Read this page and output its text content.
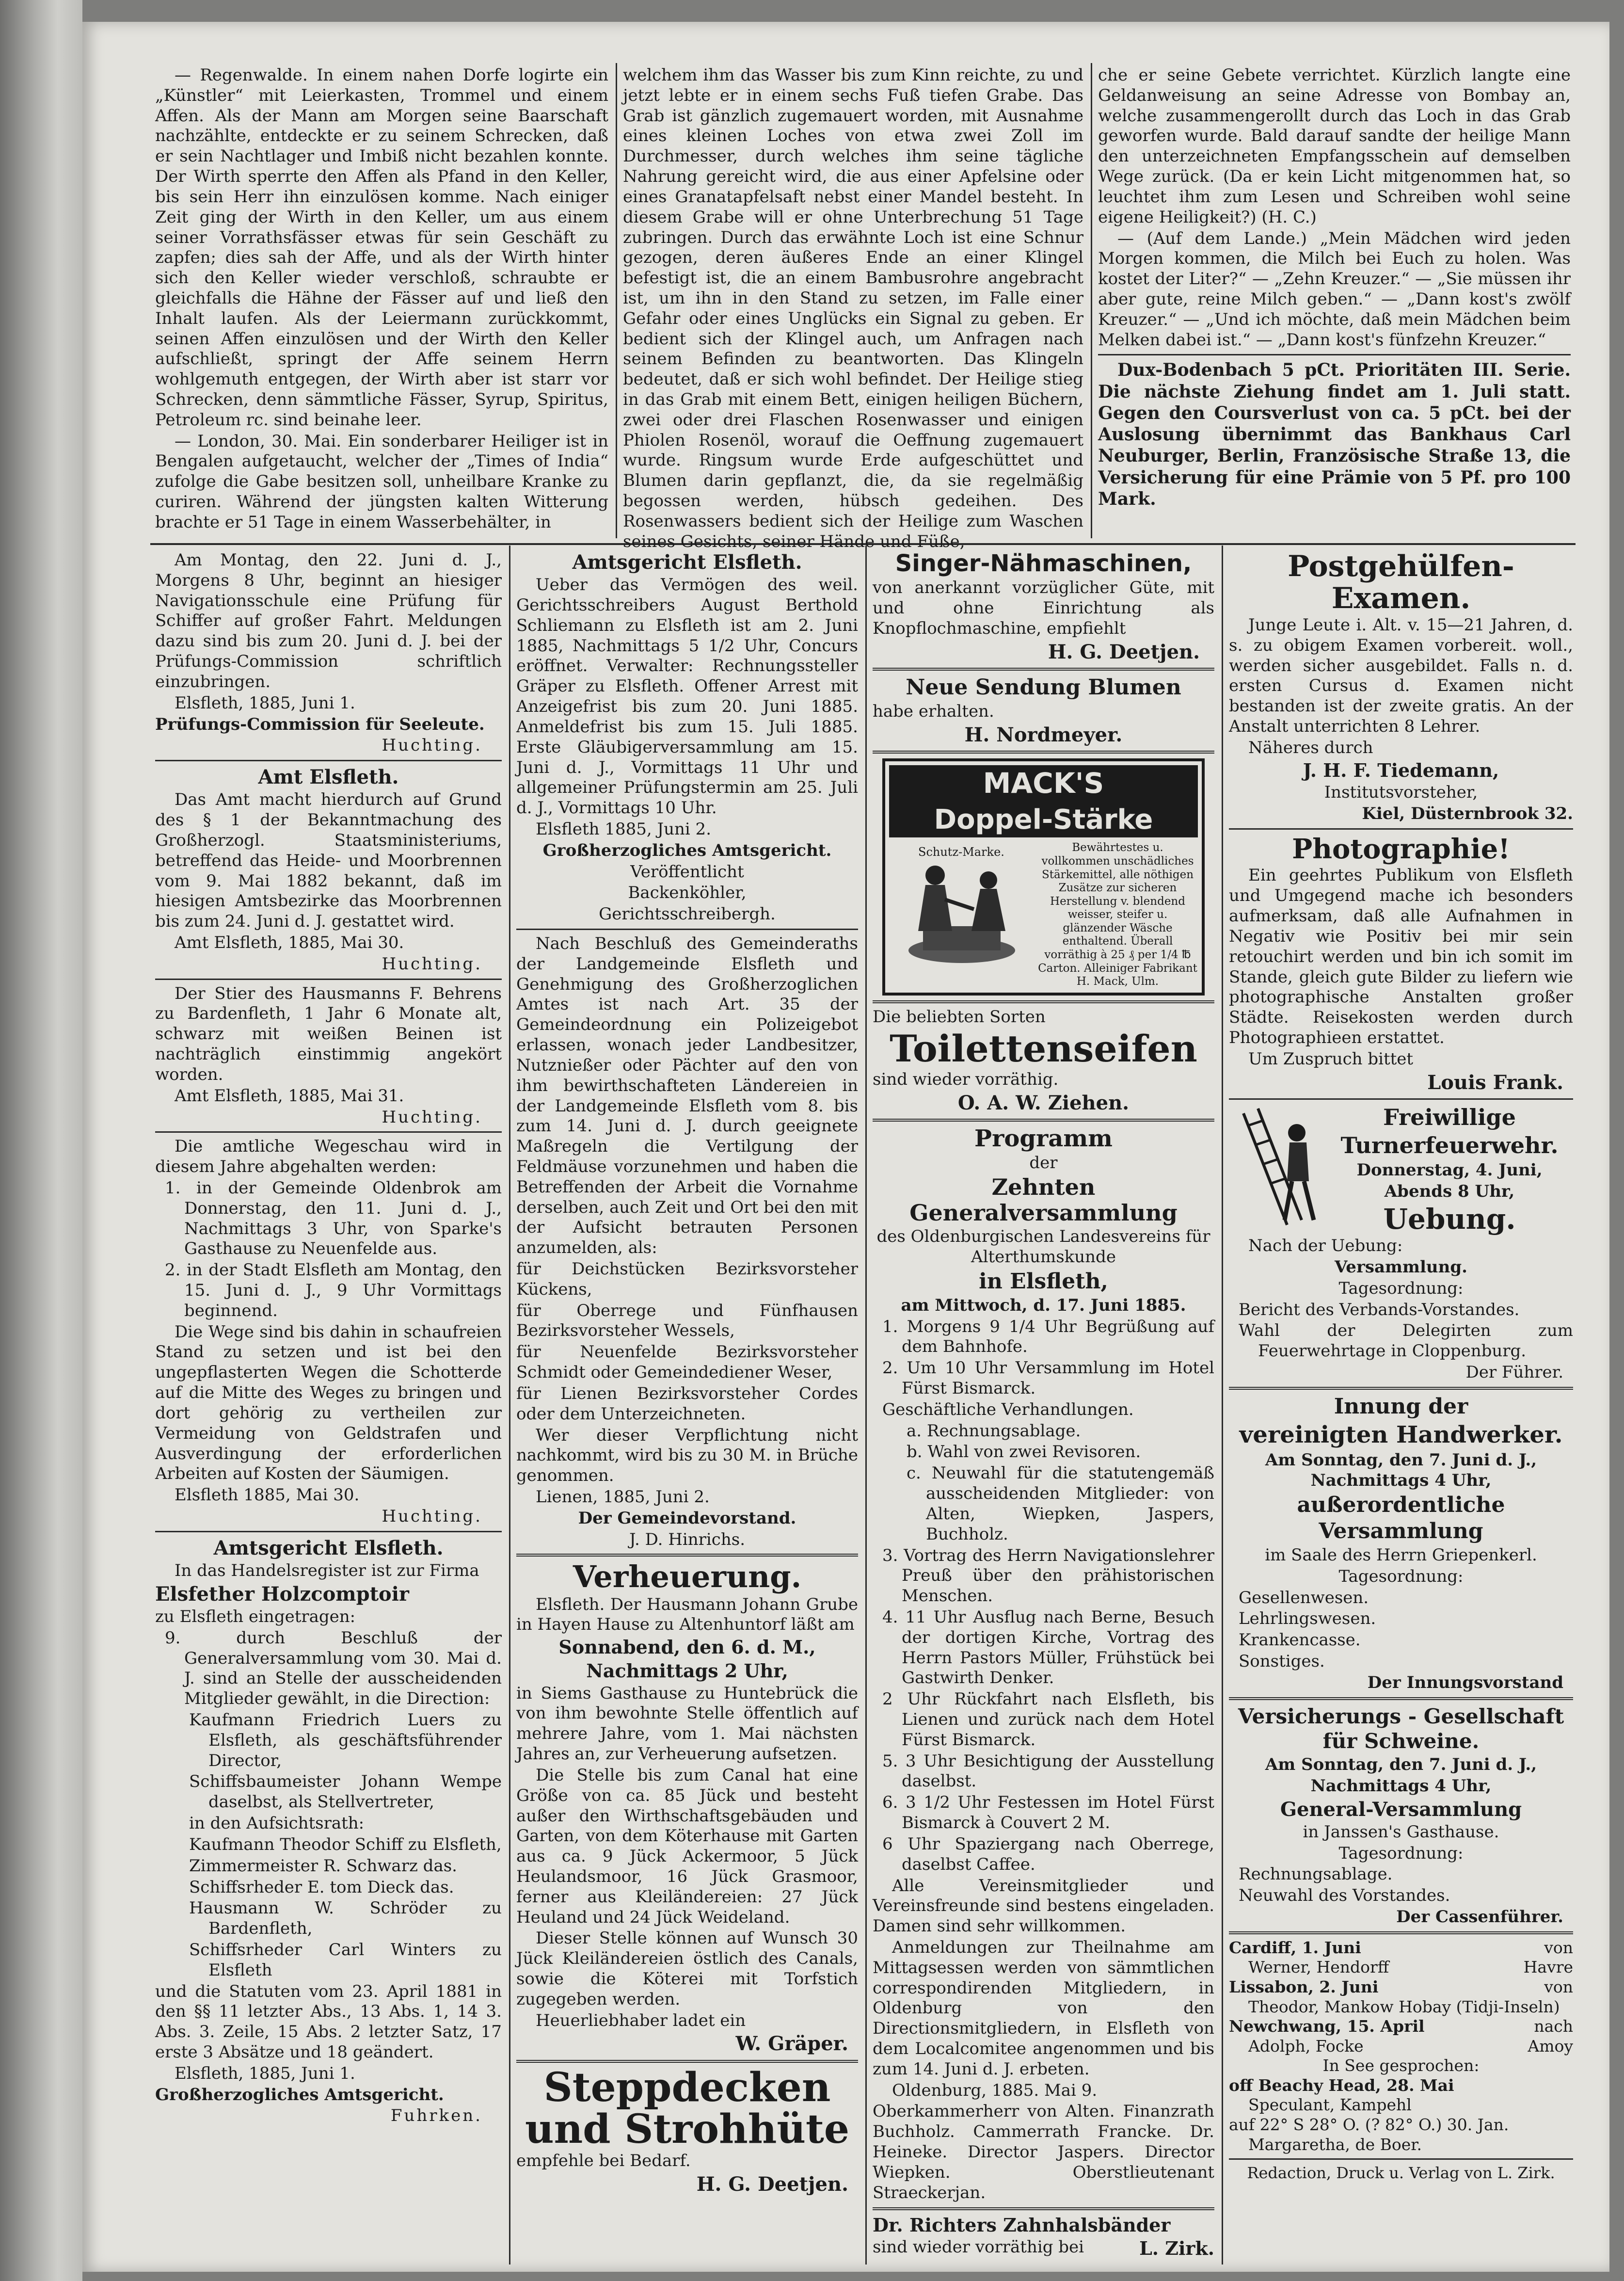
— Regenwalde. In einem nahen Dorfe logirte ein „Künstler“ mit Leierkasten, Trommel und einem Affen. Als der Mann am Morgen seine Baarschaft nachzählte, entdeckte er zu seinem Schrecken, daß er sein Nachtlager und Imbiß nicht bezahlen konnte. Der Wirth sperrte den Affen als Pfand in den Keller, bis sein Herr ihn einzulösen komme. Nach einiger Zeit ging der Wirth in den Keller, um aus einem seiner Vorrathsfässer etwas für sein Geschäft zu zapfen; dies sah der Affe, und als der Wirth hinter sich den Keller wieder verschloß, schraubte er gleichfalls die Hähne der Fässer auf und ließ den Inhalt laufen. Als der Leiermann zurückkommt, seinen Affen einzulösen und der Wirth den Keller aufschließt, springt der Affe seinem Herrn wohlgemuth entgegen, der Wirth aber ist starr vor Schrecken, denn sämmtliche Fässer, Syrup, Spiritus, Petroleum rc. sind beinahe leer.

— London, 30. Mai. Ein sonderbarer Heiliger ist in Bengalen aufgetaucht, welcher der „Times of India“ zufolge die Gabe besitzen soll, unheilbare Kranke zu curiren. Während der jüngsten kalten Witterung brachte er 51 Tage in einem Wasserbehälter, in

welchem ihm das Wasser bis zum Kinn reichte, zu und jetzt lebte er in einem sechs Fuß tiefen Grabe. Das Grab ist gänzlich zugemauert worden, mit Ausnahme eines kleinen Loches von etwa zwei Zoll im Durchmesser, durch welches ihm seine tägliche Nahrung gereicht wird, die aus einer Apfelsine oder eines Granatapfelsaft nebst einer Mandel besteht. In diesem Grabe will er ohne Unterbrechung 51 Tage zubringen. Durch das erwähnte Loch ist eine Schnur gezogen, deren äußeres Ende an einer Klingel befestigt ist, die an einem Bambusrohre angebracht ist, um ihn in den Stand zu setzen, im Falle einer Gefahr oder eines Unglücks ein Signal zu geben. Er bedient sich der Klingel auch, um Anfragen nach seinem Befinden zu beantworten. Das Klingeln bedeutet, daß er sich wohl befindet. Der Heilige stieg in das Grab mit einem Bett, einigen heiligen Büchern, zwei oder drei Flaschen Rosenwasser und einigen Phiolen Rosenöl, worauf die Oeffnung zugemauert wurde. Ringsum wurde Erde aufgeschüttet und Blumen darin gepflanzt, die, da sie regelmäßig begossen werden, hübsch gedeihen. Des Rosenwassers bedient sich der Heilige zum Waschen seines Gesichts, seiner Hände und Füße,

che er seine Gebete verrichtet. Kürzlich langte eine Geldanweisung an seine Adresse von Bombay an, welche zusammengerollt durch das Loch in das Grab geworfen wurde. Bald darauf sandte der heilige Mann den unterzeichneten Empfangsschein auf demselben Wege zurück. (Da er kein Licht mitgenommen hat, so leuchtet ihm zum Lesen und Schreiben wohl seine eigene Heiligkeit?) (H. C.)

— (Auf dem Lande.) „Mein Mädchen wird jeden Morgen kommen, die Milch bei Euch zu holen. Was kostet der Liter?“ — „Zehn Kreuzer.“ — „Sie müssen ihr aber gute, reine Milch geben.“ — „Dann kost's zwölf Kreuzer.“ — „Und ich möchte, daß mein Mädchen beim Melken dabei ist.“ — „Dann kost's fünfzehn Kreuzer.“

Dux-Bodenbach 5 pCt. Prioritäten III. Serie. Die nächste Ziehung findet am 1. Juli statt. Gegen den Coursverlust von ca. 5 pCt. bei der Auslosung übernimmt das Bankhaus Carl Neuburger, Berlin, Französische Straße 13, die Versicherung für eine Prämie von 5 Pf. pro 100 Mark.

Am Montag, den 22. Juni d. J., Morgens 8 Uhr, beginnt an hiesiger Navigationsschule eine Prüfung für Schiffer auf großer Fahrt. Meldungen dazu sind bis zum 20. Juni d. J. bei der Prüfungs-Commission schriftlich einzubringen.

Elsfleth, 1885, Juni 1.

Prüfungs-Commission für Seeleute.

Huchting.

Amt Elsfleth.

Das Amt macht hierdurch auf Grund des § 1 der Bekanntmachung des Großherzogl. Staatsministeriums, betreffend das Heide- und Moorbrennen vom 9. Mai 1882 bekannt, daß im hiesigen Amtsbezirke das Moorbrennen bis zum 24. Juni d. J. gestattet wird.

Amt Elsfleth, 1885, Mai 30.

Huchting.

Der Stier des Hausmanns F. Behrens zu Bardenfleth, 1 Jahr 6 Monate alt, schwarz mit weißen Beinen ist nachträglich einstimmig angekört worden.

Amt Elsfleth, 1885, Mai 31.

Huchting.

Die amtliche Wegeschau wird in diesem Jahre abgehalten werden:

1. in der Gemeinde Oldenbrok am Donnerstag, den 11. Juni d. J., Nachmittags 3 Uhr, von Sparke's Gasthause zu Neuenfelde aus.

2. in der Stadt Elsfleth am Montag, den 15. Juni d. J., 9 Uhr Vormittags beginnend.

Die Wege sind bis dahin in schaufreien Stand zu setzen und ist bei den ungepflasterten Wegen die Schotterde auf die Mitte des Weges zu bringen und dort gehörig zu vertheilen zur Vermeidung von Geldstrafen und Ausverdingung der erforderlichen Arbeiten auf Kosten der Säumigen.

Elsfleth 1885, Mai 30.

Huchting.

Amtsgericht Elsfleth.

In das Handelsregister ist zur Firma

Elsfether Holzcomptoir

zu Elsfleth eingetragen:

9. durch Beschluß der Generalversammlung vom 30. Mai d. J. sind an Stelle der ausscheidenden Mitglieder gewählt, in die Direction:

Kaufmann Friedrich Luers zu Elsfleth, als geschäftsführender Director,

Schiffsbaumeister Johann Wempe daselbst, als Stellvertreter,

in den Aufsichtsrath:

Kaufmann Theodor Schiff zu Elsfleth,

Zimmermeister R. Schwarz das.

Schiffsrheder E. tom Dieck das.

Hausmann W. Schröder zu Bardenfleth,

Schiffsrheder Carl Winters zu Elsfleth

und die Statuten vom 23. April 1881 in den §§ 11 letzter Abs., 13 Abs. 1, 14 3. Abs. 3. Zeile, 15 Abs. 2 letzter Satz, 17 erste 3 Absätze und 18 geändert.

Elsfleth, 1885, Juni 1.

Großherzogliches Amtsgericht.

Fuhrken.

Amtsgericht Elsfleth.

Ueber das Vermögen des weil. Gerichtsschreibers August Berthold Schliemann zu Elsfleth ist am 2. Juni 1885, Nachmittags 5 1/2 Uhr, Concurs eröffnet. Verwalter: Rechnungssteller Gräper zu Elsfleth. Offener Arrest mit Anzeigefrist bis zum 20. Juni 1885. Anmeldefrist bis zum 15. Juli 1885. Erste Gläubigerversammlung am 15. Juni d. J., Vormittags 11 Uhr und allgemeiner Prüfungstermin am 25. Juli d. J., Vormittags 10 Uhr.

Elsfleth 1885, Juni 2.

Großherzogliches Amtsgericht.

Veröffentlicht

Backenköhler,

Gerichtsschreibergh.

Nach Beschluß des Gemeinderaths der Landgemeinde Elsfleth und Genehmigung des Großherzoglichen Amtes ist nach Art. 35 der Gemeindeordnung ein Polizeigebot erlassen, wonach jeder Landbesitzer, Nutznießer oder Pächter auf den von ihm bewirthschafteten Ländereien in der Landgemeinde Elsfleth vom 8. bis zum 14. Juni d. J. durch geeignete Maßregeln die Vertilgung der Feldmäuse vorzunehmen und haben die Betreffenden der Arbeit die Vornahme derselben, auch Zeit und Ort bei den mit der Aufsicht betrauten Personen anzumelden, als:

für Deichstücken Bezirksvorsteher Kückens,

für Oberrege und Fünfhausen Bezirksvorsteher Wessels,

für Neuenfelde Bezirksvorsteher Schmidt oder Gemeindediener Weser,

für Lienen Bezirksvorsteher Cordes oder dem Unterzeichneten.

Wer dieser Verpflichtung nicht nachkommt, wird bis zu 30 M. in Brüche genommen.

Lienen, 1885, Juni 2.

Der Gemeindevorstand.

J. D. Hinrichs.

Verheuerung.

Elsfleth. Der Hausmann Johann Grube in Hayen Hause zu Altenhuntorf läßt am

Sonnabend, den 6. d. M.,

Nachmittags 2 Uhr,

in Siems Gasthause zu Huntebrück die von ihm bewohnte Stelle öffentlich auf mehrere Jahre, vom 1. Mai nächsten Jahres an, zur Verheuerung aufsetzen.

Die Stelle bis zum Canal hat eine Größe von ca. 85 Jück und besteht außer den Wirthschaftsgebäuden und Garten, von dem Köterhause mit Garten aus ca. 9 Jück Ackermoor, 5 Jück Heulandsmoor, 16 Jück Grasmoor, ferner aus Kleiländereien: 27 Jück Heuland und 24 Jück Weideland.

Dieser Stelle können auf Wunsch 30 Jück Kleiländereien östlich des Canals, sowie die Köterei mit Torfstich zugegeben werden.

Heuerliebhaber ladet ein

W. Gräper.

Steppdecken und Strohhüte

empfehle bei Bedarf.

H. G. Deetjen.

Singer-Nähmaschinen,

von anerkannt vorzüglicher Güte, mit und ohne Einrichtung als Knopflochmaschine, empfiehlt

H. G. Deetjen.

Neue Sendung Blumen

habe erhalten.

H. Nordmeyer.

MACK'S
Doppel-Stärke
Schutz-Marke.	Bewährtestes u. vollkommen unschädliches Stärkemittel, alle nöthigen Zusätze zur sicheren Herstellung v. blendend weisser, steifer u. glänzender Wäsche enthaltend. Überall vorräthig à 25 ₰ per 1/4 ℔ Carton. Alleiniger Fabrikant H. Mack, Ulm.

Die beliebten Sorten

Toilettenseifen

sind wieder vorräthig.

O. A. W. Ziehen.

Programm

der

Zehnten Generalversammlung

des Oldenburgischen Landesvereins für Alterthumskunde

in Elsfleth,

am Mittwoch, d. 17. Juni 1885.

1. Morgens 9 1/4 Uhr Begrüßung auf dem Bahnhofe.

2. Um 10 Uhr Versammlung im Hotel Fürst Bismarck.

Geschäftliche Verhandlungen.

a. Rechnungsablage.

b. Wahl von zwei Revisoren.

c. Neuwahl für die statutengemäß ausscheidenden Mitglieder: von Alten, Wiepken, Jaspers, Buchholz.

3. Vortrag des Herrn Navigationslehrer Preuß über den prähistorischen Menschen.

4. 11 Uhr Ausflug nach Berne, Besuch der dortigen Kirche, Vortrag des Herrn Pastors Müller, Frühstück bei Gastwirth Denker.

2 Uhr Rückfahrt nach Elsfleth, bis Lienen und zurück nach dem Hotel Fürst Bismarck.

5. 3 Uhr Besichtigung der Ausstellung daselbst.

6. 3 1/2 Uhr Festessen im Hotel Fürst Bismarck à Couvert 2 M.

6 Uhr Spaziergang nach Oberrege, daselbst Caffee.

Alle Vereinsmitglieder und Vereinsfreunde sind bestens eingeladen. Damen sind sehr willkommen.

Anmeldungen zur Theilnahme am Mittagsessen werden von sämmtlichen correspondirenden Mitgliedern, in Oldenburg von den Directionsmitgliedern, in Elsfleth von dem Localcomitee angenommen und bis zum 14. Juni d. J. erbeten.

Oldenburg, 1885. Mai 9.

Oberkammerherr von Alten. Finanzrath Buchholz. Cammerrath Francke. Dr. Heineke. Director Jaspers. Director Wiepken. Oberstlieutenant Straeckerjan.

Dr. Richters Zahnhalsbänder

sind wieder vorräthig bei	L. Zirk.

Postgehülfen-Examen.

Junge Leute i. Alt. v. 15—21 Jahren, d. s. zu obigem Examen vorbereit. woll., werden sicher ausgebildet. Falls n. d. ersten Cursus d. Examen nicht bestanden ist der zweite gratis. An der Anstalt unterrichten 8 Lehrer.

Näheres durch

J. H. F. Tiedemann,

Institutsvorsteher,

Kiel, Düsternbrook 32.

Photographie!

Ein geehrtes Publikum von Elsfleth und Umgegend mache ich besonders aufmerksam, daß alle Aufnahmen in Negativ wie Positiv bei mir sein retouchirt werden und bin ich somit im Stande, gleich gute Bilder zu liefern wie photographische Anstalten großer Städte. Reisekosten werden durch Photographieen erstattet.

Um Zuspruch bittet

Louis Frank.

Freiwillige

Turnerfeuerwehr.

Donnerstag, 4. Juni,

Abends 8 Uhr,

Uebung.

Nach der Uebung:

Versammlung.

Tagesordnung:

Bericht des Verbands-Vorstandes.

Wahl der Delegirten zum Feuerwehrtage in Cloppenburg.

Der Führer.

Innung der

vereinigten Handwerker.

Am Sonntag, den 7. Juni d. J., Nachmittags 4 Uhr,

außerordentliche Versammlung

im Saale des Herrn Griepenkerl.

Tagesordnung:

Gesellenwesen.

Lehrlingswesen.

Krankencasse.

Sonstiges.

Der Innungsvorstand

Versicherungs - Gesellschaft für Schweine.

Am Sonntag, den 7. Juni d. J.,

Nachmittags 4 Uhr,

General-Versammlung

in Janssen's Gasthause.

Tagesordnung:

Rechnungsablage.

Neuwahl des Vorstandes.

Der Cassenführer.

Cardiff, 1. Juni	von
Werner, Hendorff	Havre
Lissabon, 2. Juni	von
Theodor, Mankow Hobay (Tidji-Inseln)
Newchwang, 15. April	nach
Adolph, Focke	Amoy
In See gesprochen:
off Beachy Head, 28. Mai
Speculant, Kampehl
auf 22° S 28° O. (? 82° O.) 30. Jan.
Margaretha, de Boer.

Redaction, Druck u. Verlag von L. Zirk.
